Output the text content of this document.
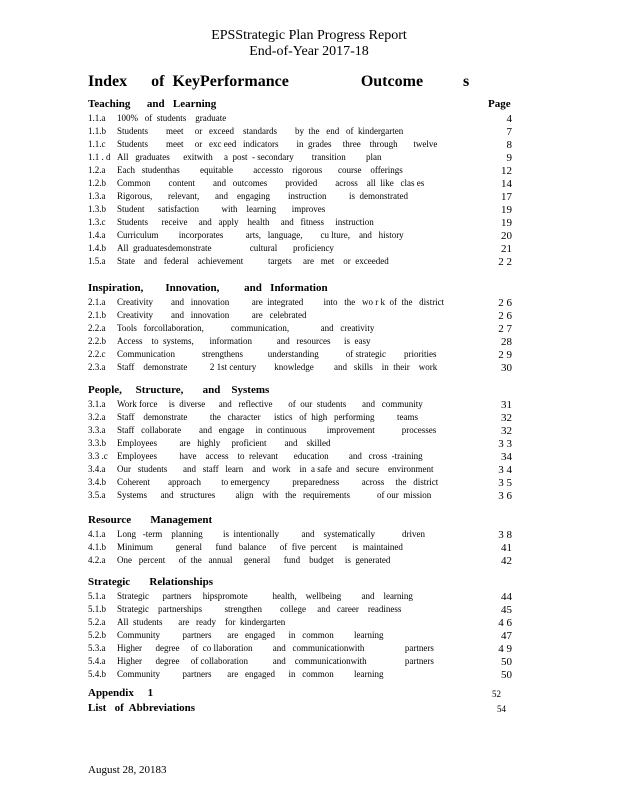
EPSStrategic Plan Progress Report
End-of-Year 2017-18
Index      of  KeyPerformance                  Outcome          s
Page
Teaching      and   Learning
1.1.a 100%   of  students    graduate	4
1.1.b Students        meet     or   exceed    standards        by  the   end   of  kindergarten	7
1.1.c Students        meet     or   exc eed   indicators        in  grades     three    through       twelve	8
1.1 . d All   graduates      exitwith     a  post  - secondary        transition         plan	9
1.2.a Each   studenthas         equitable         accessto    rigorous       course    offerings	12
1.2.b Common        content        and   outcomes        provided        across    all  like   clas es	14
1.3.a Rigorous,       relevant,       and    engaging        instruction          is  demonstrated	17
1.3.b Student      satisfaction          with    learning       improves	19
1.3.c Students      receive     and   apply    health     and   fitness     instruction	19
1.4.a Curriculum         incorporates          arts,   language,        cu lture,    and   history	20
1.4.b All  graduatesdemonstrate                 cultural       proficiency	21
1.5.a State    and   federal    achievement           targets     are   met    or  exceeded	2 2
Inspiration,        Innovation,         and   Information
2.1.a Creativity        and   innovation          are  integrated         into   the   wo r k  of  the   district	2 6
2.1.b Creativity        and   innovation          are   celebrated	2 6
2.2.a Tools   forcollaboration,            communication,              and   creativity	2 7
2.2.b Access    to  systems,       information           and   resources      is  easy	28
2.2.c Communication            strengthens           understanding            of strategic        priorities	2 9
2.3.a Staff    demonstrate          2 1st century        knowledge         and   skills    in  their    work	30
People,     Structure,       and    Systems
3.1.a Work force     is  diverse      and   reflective       of  our  students       and   community	31
3.2.a Staff    demonstrate          the   character      istics   of  high   performing          teams	32
3.3.a Staff   collaborate        and   engage     in  continuous         improvement            processes	32
3.3.b Employees          are   highly     proficient        and    skilled	3 3
3.3 .c Employees          have    access    to  relevant       education         and   cross  -training	34
3.4.a Our   students       and   staff   learn    and   work    in  a safe  and   secure    environment	3 4
3.4.b Coherent        approach         to emergency          preparedness          across     the   district	3 5
3.5.a Systems      and   structures         align    with   the   requirements            of our  mission	3 6
Resource       Management
4.1.a Long   -term    planning         is  intentionally          and    systematically            driven	3 8
4.1.b Minimum          general      fund   balance      of  five  percent       is  maintained	41
4.2.a One   percent      of  the   annual     general      fund    budget     is  generated	42
Strategic       Relationships
5.1.a Strategic      partners     hipspromote           health,    wellbeing         and    learning	44
5.1.b Strategic    partnerships          strengthen        college     and   career    readiness	45
5.2.a All  students       are   ready    for  kindergarten	4 6
5.2.b Community          partners       are   engaged      in   common         learning	47
5.3.a Higher      degree     of  co llaboration         and   communicationwith                  partners	4 9
5.4.a Higher      degree     of collaboration           and    communicationwith                 partners	50
5.4.b Community          partners       are   engaged      in   common         learning	50
Appendix     1	52
List   of  Abbreviations	54
August 28, 20183
